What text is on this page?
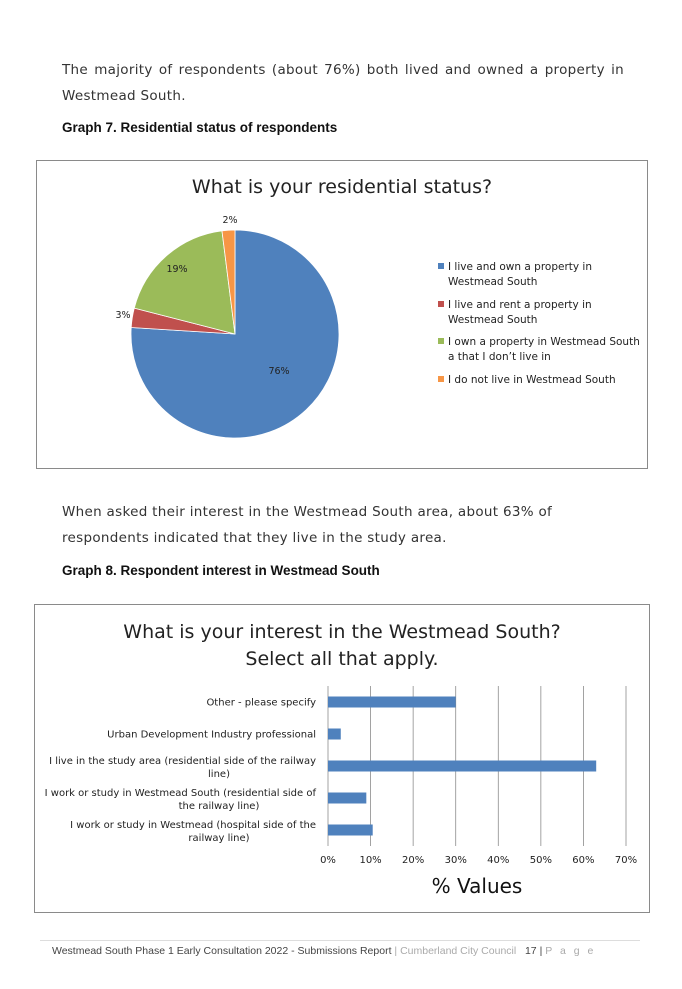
The majority of respondents (about 76%) both lived and owned a property in Westmead South.
Graph 7. Residential status of respondents
What is your residential status?
76%
3%
19%
2%
I live and own a property in Westmead South
I live and rent a property in Westmead South
I own a property in Westmead South a that I don’t live in
I do not live in Westmead South
When asked their interest in the Westmead South area, about 63% of respondents indicated that they live in the study area.
Graph 8. Respondent interest in Westmead South
What is your interest in the Westmead South?
Select all that apply.
0% 10% 20% 30% 40% 50% 60% 70%
Other - please specify
Urban Development Industry professional
I live in the study area (residential side of the railway line)
I work or study in Westmead South (residential side of the railway line)
I work or study in Westmead (hospital side of the railway line)
% Values
Westmead South Phase 1 Early Consultation 2022 - Submissions Report | Cumberland City Council 17 | P a g e
